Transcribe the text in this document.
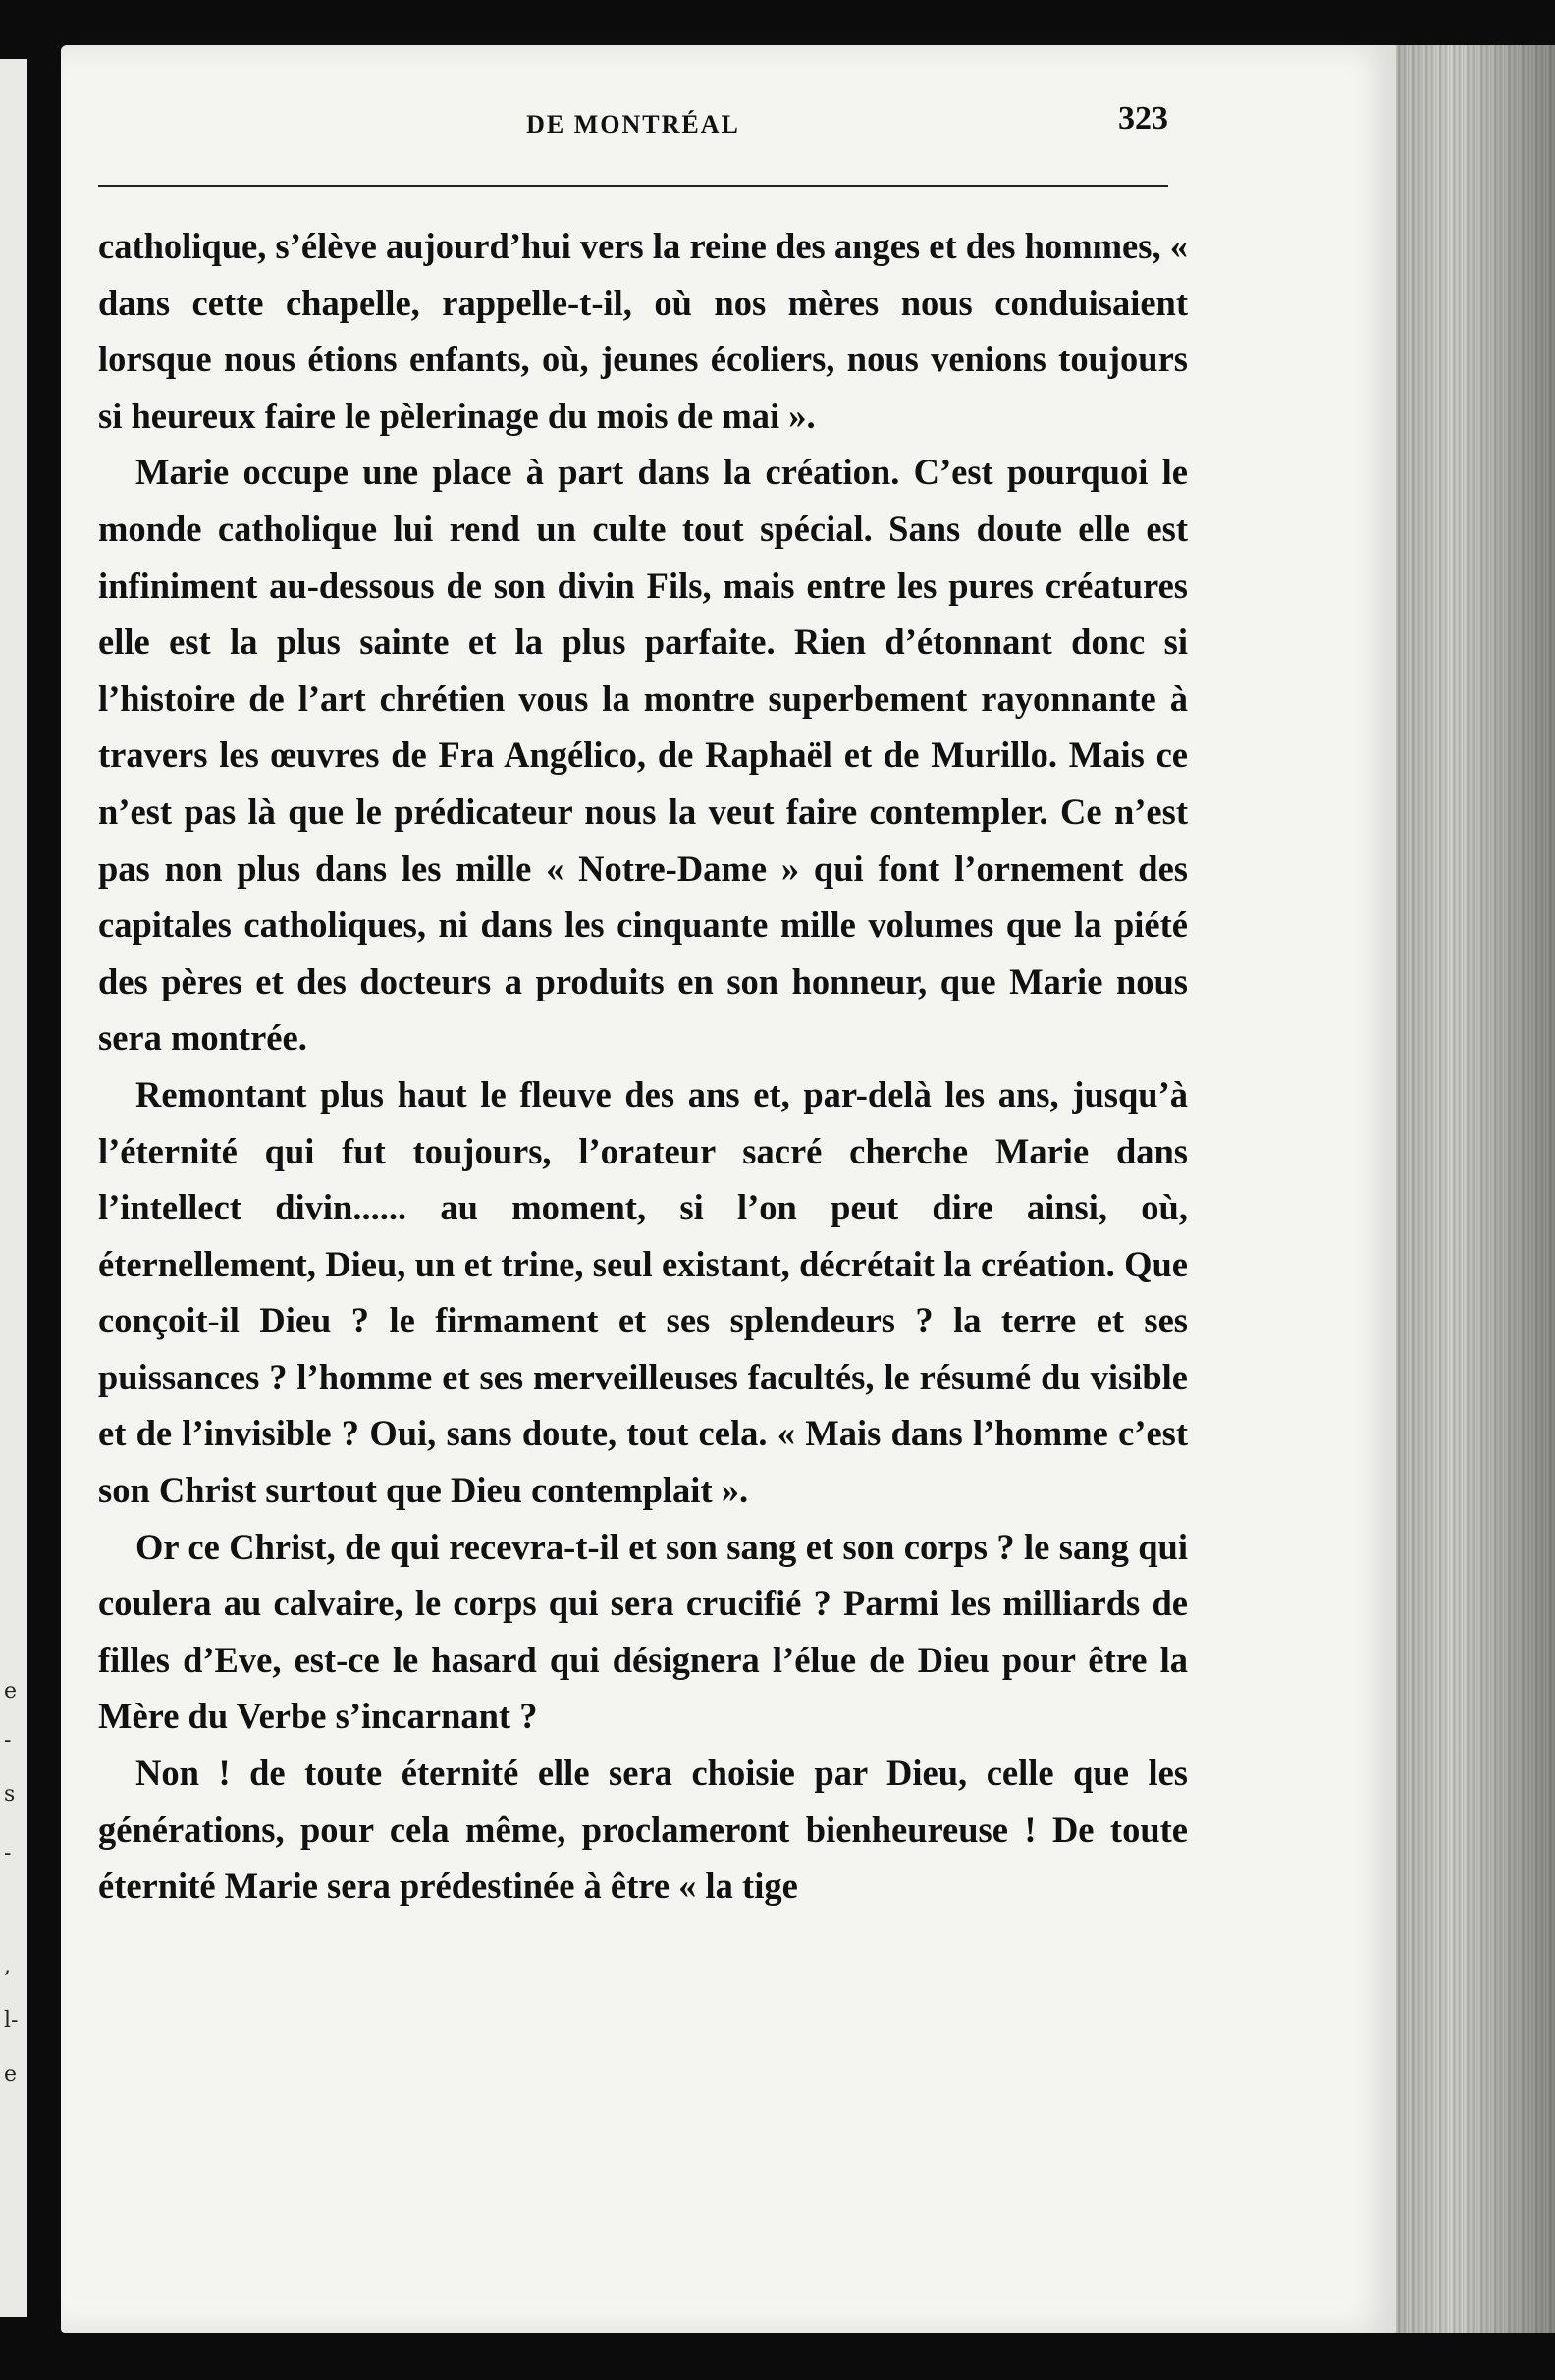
e
-
s
-
,
l-
e
DE MONTRÉAL	323

catholique, s’élève aujourd’hui vers la reine des anges et des hommes, « dans cette chapelle, rappelle-t-il, où nos mères nous conduisaient lorsque nous étions enfants, où, jeunes écoliers, nous venions toujours si heureux faire le pèlerinage du mois de mai ».

Marie occupe une place à part dans la création. C’est pourquoi le monde catholique lui rend un culte tout spécial. Sans doute elle est infiniment au-dessous de son divin Fils, mais entre les pures créatures elle est la plus sainte et la plus parfaite. Rien d’étonnant donc si l’histoire de l’art chrétien vous la montre superbement rayonnante à travers les œuvres de Fra Angélico, de Raphaël et de Murillo. Mais ce n’est pas là que le prédicateur nous la veut faire contempler. Ce n’est pas non plus dans les mille « Notre-Dame » qui font l’ornement des capitales catholiques, ni dans les cinquante mille volumes que la piété des pères et des docteurs a produits en son honneur, que Marie nous sera montrée.

Remontant plus haut le fleuve des ans et, par-delà les ans, jusqu’à l’éternité qui fut toujours, l’orateur sacré cherche Marie dans l’intellect divin...... au moment, si l’on peut dire ainsi, où, éternellement, Dieu, un et trine, seul existant, décrétait la création. Que conçoit-il Dieu ? le firmament et ses splendeurs ? la terre et ses puissances ? l’homme et ses merveilleuses facultés, le résumé du visible et de l’invisible ? Oui, sans doute, tout cela. « Mais dans l’homme c’est son Christ surtout que Dieu contemplait ».

Or ce Christ, de qui recevra-t-il et son sang et son corps ? le sang qui coulera au calvaire, le corps qui sera crucifié ? Parmi les milliards de filles d’Eve, est-ce le hasard qui désignera l’élue de Dieu pour être la Mère du Verbe s’incarnant ?

Non ! de toute éternité elle sera choisie par Dieu, celle que les générations, pour cela même, proclameront bienheureuse ! De toute éternité Marie sera prédestinée à être « la tige
